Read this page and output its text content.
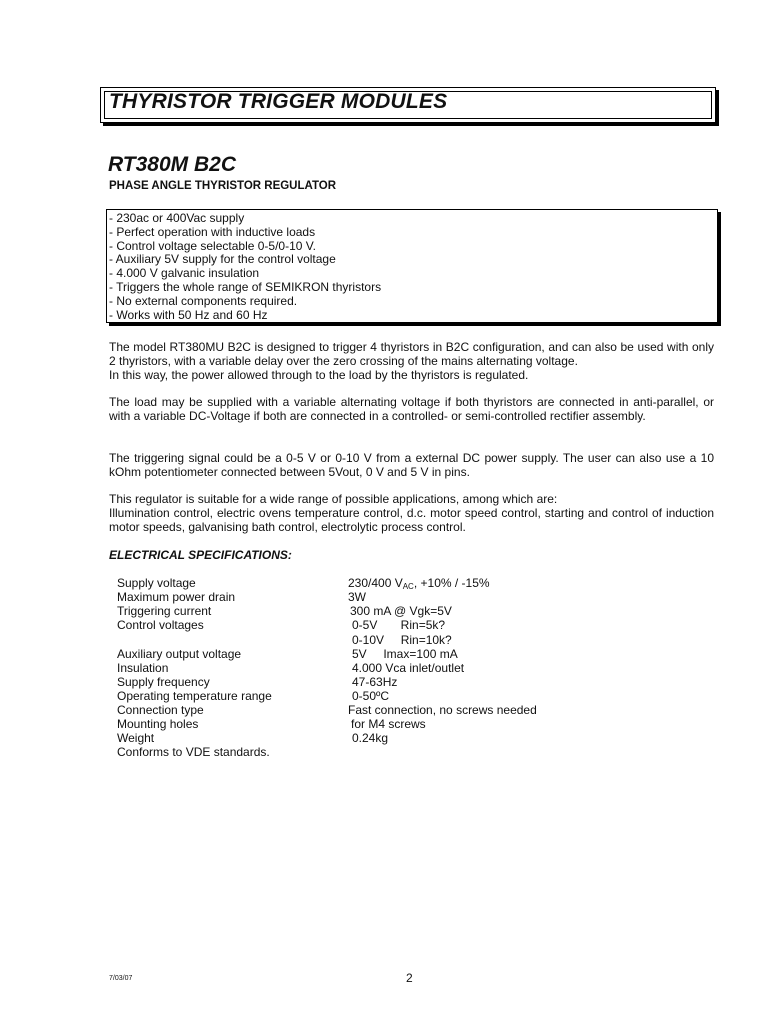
THYRISTOR TRIGGER MODULES
RT380M B2C
PHASE ANGLE THYRISTOR REGULATOR
- 230ac or 400Vac supply
- Perfect operation with inductive loads
- Control voltage selectable 0-5/0-10 V.
- Auxiliary 5V supply for the control voltage
- 4.000 V galvanic insulation
- Triggers the whole range of SEMIKRON thyristors
- No external components required.
- Works with 50 Hz and 60 Hz

The model RT380MU B2C is designed to trigger 4 thyristors in B2C configuration, and can also be used with only 2 thyristors, with a variable delay over the zero crossing of the mains alternating voltage.

In this way, the power allowed through to the load by the thyristors is regulated.

The load may be supplied with a variable alternating voltage if both thyristors are connected in anti-parallel, or with a variable DC-Voltage if both are connected in a controlled- or semi-controlled rectifier assembly.

The triggering signal could be a 0-5 V or 0-10 V from a external DC power supply. The user can also use a 10 kOhm potentiometer connected between 5Vout, 0 V and 5 V in pins.

This regulator is suitable for a wide range of possible applications, among which are:

Illumination control, electric ovens temperature control, d.c. motor speed control, starting and control of induction motor speeds, galvanising bath control, electrolytic process control.

ELECTRICAL SPECIFICATIONS:
Supply voltage	230/400 $V_{AC}$, +10% / -15%
Maximum power drain	3W
Triggering current	300 mA @ Vgk=5V
Control voltages	0-5V       Rin=5k?
0-10V     Rin=10k?
Auxiliary output voltage	5V     Imax=100 mA
Insulation	4.000 Vca inlet/outlet
Supply frequency	47-63Hz
Operating temperature range	0-50ºC
Connection type	Fast connection, no screws needed
Mounting holes	for M4 screws
Weight	0.24kg
Conforms to VDE standards.
7/03/07	2
